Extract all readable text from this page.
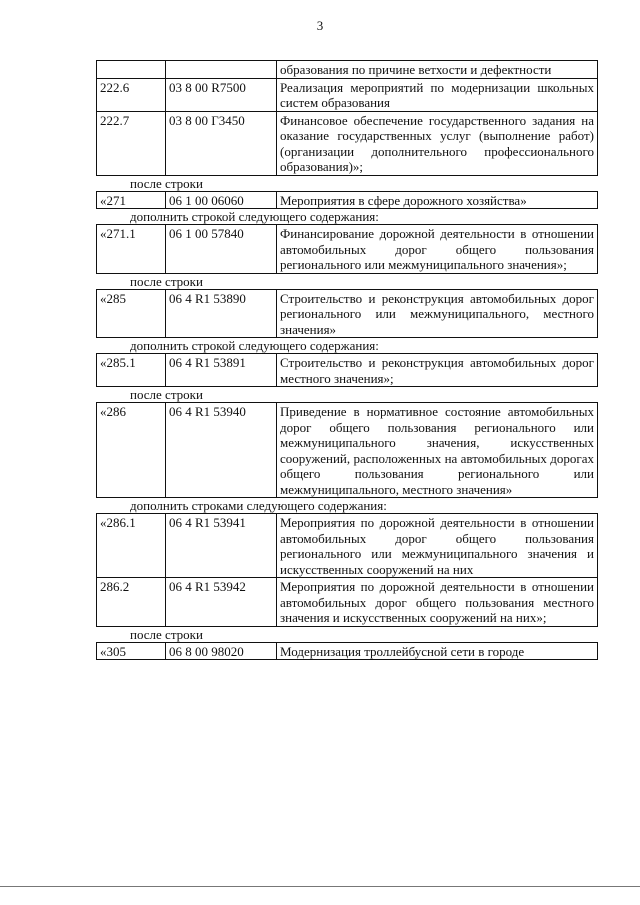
3
		образования по причине ветхости и дефектности
222.6	03 8 00 R7500	Реализация мероприятий по модернизации школьных систем образования
222.7	03 8 00 Г3450	Финансовое обеспечение государственного задания на оказание государственных услуг (выполнение работ) (организации дополнительного профессионального образования)»;
после строки
«271	06 1 00 06060	Мероприятия в сфере дорожного хозяйства»
дополнить строкой следующего содержания:
«271.1	06 1 00 57840	Финансирование дорожной деятельности в отношении автомобильных дорог общего пользования регионального или межмуниципального значения»;
после строки
«285	06 4 R1 53890	Строительство и реконструкция автомобильных дорог регионального или межмуниципального, местного значения»
дополнить строкой следующего содержания:
«285.1	06 4 R1 53891	Строительство и реконструкция автомобильных дорог местного значения»;
после строки
«286	06 4 R1 53940	Приведение в нормативное состояние автомобильных дорог общего пользования регионального или межмуниципального значения, искусственных сооружений, расположенных на автомобильных дорогах общего пользования регионального или межмуниципального, местного значения»
дополнить строками следующего содержания:
«286.1	06 4 R1 53941	Мероприятия по дорожной деятельности в отношении автомобильных дорог общего пользования регионального или межмуниципального значения и искусственных сооружений на них
286.2	06 4 R1 53942	Мероприятия по дорожной деятельности в отношении автомобильных дорог общего пользования местного значения и искусственных сооружений на них»;
после строки
«305	06 8 00 98020	Модернизация троллейбусной сети в городе
